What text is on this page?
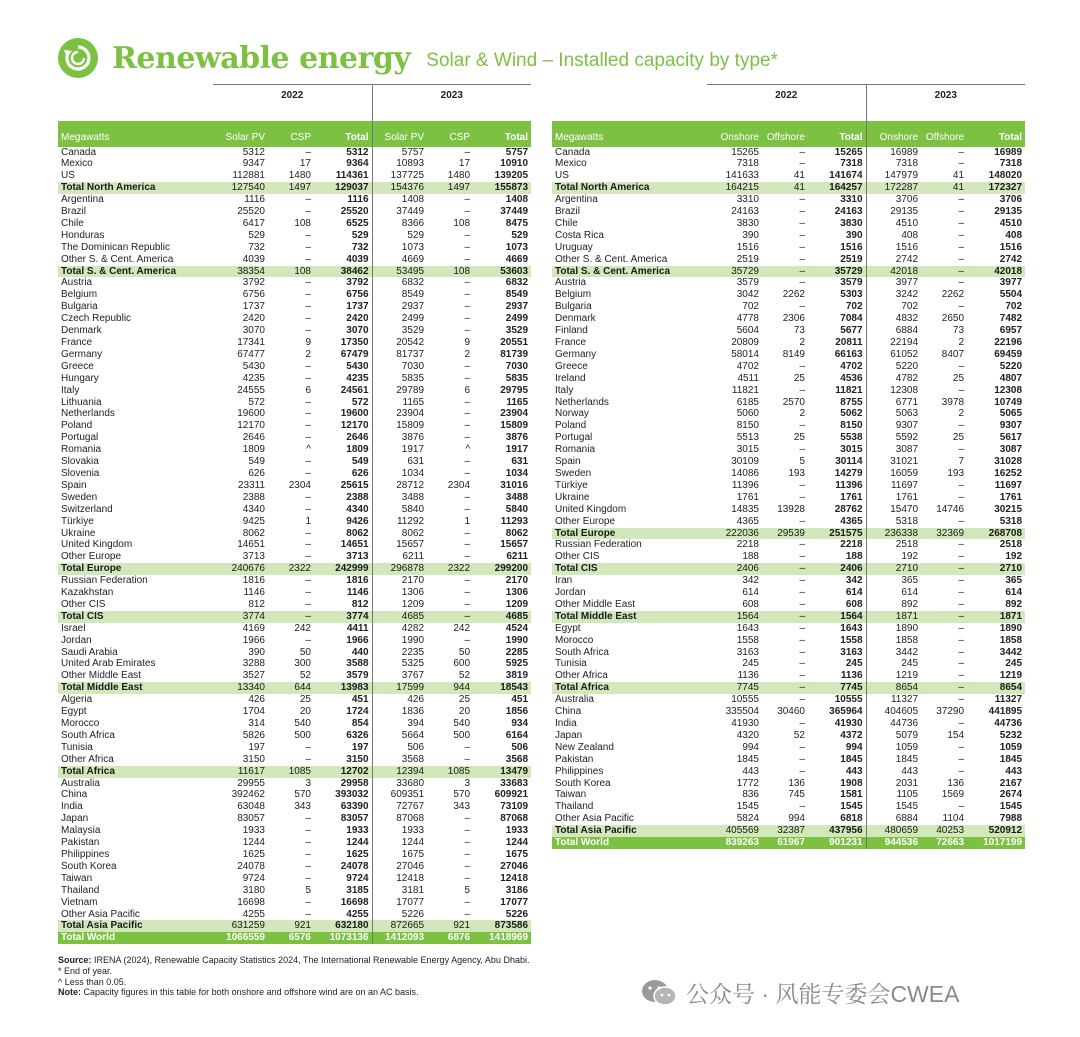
Renewable energy Solar & Wind – Installed capacity by type*
	2022			2023		

Megawatts	Solar PV	CSP	Total	Solar PV	CSP	Total
Canada	5312	–	5312	5757	–	5757
Mexico	9347	17	9364	10893	17	10910
US	112881	1480	114361	137725	1480	139205
Total North America	127540	1497	129037	154376	1497	155873
Argentina	1116	–	1116	1408	–	1408
Brazil	25520	–	25520	37449	–	37449
Chile	6417	108	6525	8366	108	8475
Honduras	529	–	529	529	–	529
The Dominican Republic	732	–	732	1073	–	1073
Other S. & Cent. America	4039	–	4039	4669	–	4669
Total S. & Cent. America	38354	108	38462	53495	108	53603
Austria	3792	–	3792	6832	–	6832
Belgium	6756	–	6756	8549	–	8549
Bulgaria	1737	–	1737	2937	–	2937
Czech Republic	2420	–	2420	2499	–	2499
Denmark	3070	–	3070	3529	–	3529
France	17341	9	17350	20542	9	20551
Germany	67477	2	67479	81737	2	81739
Greece	5430	–	5430	7030	–	7030
Hungary	4235	–	4235	5835	–	5835
Italy	24555	6	24561	29789	6	29795
Lithuania	572	–	572	1165	–	1165
Netherlands	19600	–	19600	23904	–	23904
Poland	12170	–	12170	15809	–	15809
Portugal	2646	–	2646	3876	–	3876
Romania	1809	^	1809	1917	^	1917
Slovakia	549	–	549	631	–	631
Slovenia	626	–	626	1034	–	1034
Spain	23311	2304	25615	28712	2304	31016
Sweden	2388	–	2388	3488	–	3488
Switzerland	4340	–	4340	5840	–	5840
Türkiye	9425	1	9426	11292	1	11293
Ukraine	8062	–	8062	8062	–	8062
United Kingdom	14651	–	14651	15657	–	15657
Other Europe	3713	–	3713	6211	–	6211
Total Europe	240676	2322	242999	296878	2322	299200
Russian Federation	1816	–	1816	2170	–	2170
Kazakhstan	1146	–	1146	1306	–	1306
Other CIS	812	–	812	1209	–	1209
Total CIS	3774	–	3774	4685	–	4685
Israel	4169	242	4411	4282	242	4524
Jordan	1966	–	1966	1990	–	1990
Saudi Arabia	390	50	440	2235	50	2285
United Arab Emirates	3288	300	3588	5325	600	5925
Other Middle East	3527	52	3579	3767	52	3819
Total Middle East	13340	644	13983	17599	944	18543
Algeria	426	25	451	426	25	451
Egypt	1704	20	1724	1836	20	1856
Morocco	314	540	854	394	540	934
South Africa	5826	500	6326	5664	500	6164
Tunisia	197	–	197	506	–	506
Other Africa	3150	–	3150	3568	–	3568
Total Africa	11617	1085	12702	12394	1085	13479
Australia	29955	3	29958	33680	3	33683
China	392462	570	393032	609351	570	609921
India	63048	343	63390	72767	343	73109
Japan	83057	–	83057	87068	–	87068
Malaysia	1933	–	1933	1933	–	1933
Pakistan	1244	–	1244	1244	–	1244
Philippines	1625	–	1625	1675	–	1675
South Korea	24078	–	24078	27046	–	27046
Taiwan	9724	–	9724	12418	–	12418
Thailand	3180	5	3185	3181	5	3186
Vietnam	16698	–	16698	17077	–	17077
Other Asia Pacific	4255	–	4255	5226	–	5226
Total Asia Pacific	631259	921	632180	872665	921	873586
Total World	1066559	6576	1073136	1412093	6876	1418969
	2022			2023		

Megawatts	Onshore	Offshore	Total	Onshore	Offshore	Total
Canada	15265	–	15265	16989	–	16989
Mexico	7318	–	7318	7318	–	7318
US	141633	41	141674	147979	41	148020
Total North America	164215	41	164257	172287	41	172327
Argentina	3310	–	3310	3706	–	3706
Brazil	24163	–	24163	29135	–	29135
Chile	3830	–	3830	4510	–	4510
Costa Rica	390	–	390	408	–	408
Uruguay	1516	–	1516	1516	–	1516
Other S. & Cent. America	2519	–	2519	2742	–	2742
Total S. & Cent. America	35729	–	35729	42018	–	42018
Austria	3579	–	3579	3977	–	3977
Belgium	3042	2262	5303	3242	2262	5504
Bulgaria	702	–	702	702	–	702
Denmark	4778	2306	7084	4832	2650	7482
Finland	5604	73	5677	6884	73	6957
France	20809	2	20811	22194	2	22196
Germany	58014	8149	66163	61052	8407	69459
Greece	4702	–	4702	5220	–	5220
Ireland	4511	25	4536	4782	25	4807
Italy	11821	–	11821	12308	–	12308
Netherlands	6185	2570	8755	6771	3978	10749
Norway	5060	2	5062	5063	2	5065
Poland	8150	–	8150	9307	–	9307
Portugal	5513	25	5538	5592	25	5617
Romania	3015	–	3015	3087	–	3087
Spain	30109	5	30114	31021	7	31028
Sweden	14086	193	14279	16059	193	16252
Türkiye	11396	–	11396	11697	–	11697
Ukraine	1761	–	1761	1761	–	1761
United Kingdom	14835	13928	28762	15470	14746	30215
Other Europe	4365	–	4365	5318	–	5318
Total Europe	222036	29539	251575	236338	32369	268708
Russian Federation	2218	–	2218	2518	–	2518
Other CIS	188	–	188	192	–	192
Total CIS	2406	–	2406	2710	–	2710
Iran	342	–	342	365	–	365
Jordan	614	–	614	614	–	614
Other Middle East	608	–	608	892	–	892
Total Middle East	1564	–	1564	1871	–	1871
Egypt	1643	–	1643	1890	–	1890
Morocco	1558	–	1558	1858	–	1858
South Africa	3163	–	3163	3442	–	3442
Tunisia	245	–	245	245	–	245
Other Africa	1136	–	1136	1219	–	1219
Total Africa	7745	–	7745	8654	–	8654
Australia	10555	–	10555	11327	–	11327
China	335504	30460	365964	404605	37290	441895
India	41930	–	41930	44736	–	44736
Japan	4320	52	4372	5079	154	5232
New Zealand	994	–	994	1059	–	1059
Pakistan	1845	–	1845	1845	–	1845
Philippines	443	–	443	443	–	443
South Korea	1772	136	1908	2031	136	2167
Taiwan	836	745	1581	1105	1569	2674
Thailand	1545	–	1545	1545	–	1545
Other Asia Pacific	5824	994	6818	6884	1104	7988
Total Asia Pacific	405569	32387	437956	480659	40253	520912
Total World	839263	61967	901231	944536	72663	1017199
Source: IRENA (2024), Renewable Capacity Statistics 2024, The International Renewable Energy Agency, Abu Dhabi.
* End of year.
^ Less than 0.05.
Note: Capacity figures in this table for both onshore and offshore wind are on an AC basis.	公众号 · 风能专委会CWEA
